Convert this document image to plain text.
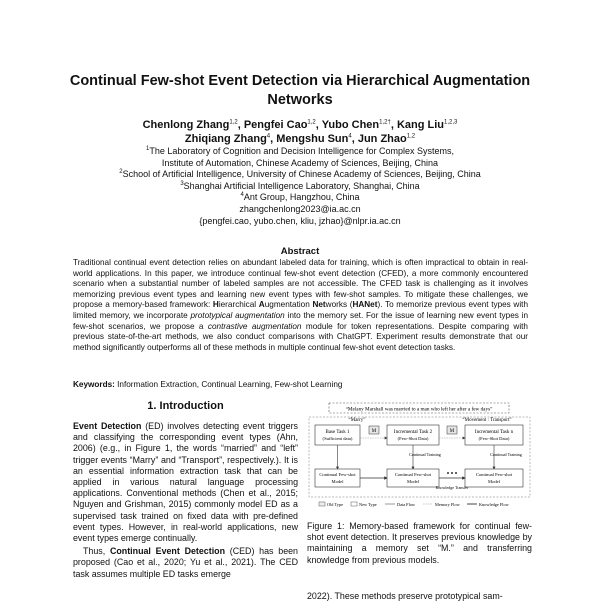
Continual Few-shot Event Detection via Hierarchical Augmentation Networks
Chenlong Zhang$^{1,2}$, Pengfei Cao$^{1,2}$, Yubo Chen$^{1,2\dagger}$, Kang Liu$^{1,2,3}$
Zhiqiang Zhang$^4$, Mengshu Sun$^4$, Jun Zhao$^{1,2}$
$^1$The Laboratory of Cognition and Decision Intelligence for Complex Systems,
Institute of Automation, Chinese Academy of Sciences, Beijing, China
$^2$School of Artificial Intelligence, University of Chinese Academy of Sciences, Beijing, China
$^3$Shanghai Artificial Intelligence Laboratory, Shanghai, China
$^4$Ant Group, Hangzhou, China
zhangchenlong2023@ia.ac.cn
{pengfei.cao, yubo.chen, kliu, jzhao}@nlpr.ia.ac.cn
Abstract
Traditional continual event detection relies on abundant labeled data for training, which is often impractical to obtain in real-world applications. In this paper, we introduce continual few-shot event detection (CFED), a more commonly encountered scenario when a substantial number of labeled samples are not accessible. The CFED task is challenging as it involves memorizing previous event types and learning new event types with few-shot samples. To mitigate these challenges, we propose a memory-based framework: Hierarchical Augmentation Networks (HANet). To memorize previous event types with limited memory, we incorporate prototypical augmentation into the memory set. For the issue of learning new event types in few-shot scenarios, we propose a contrastive augmentation module for token representations. Despite comparing with previous state-of-the-art methods, we also conduct comparisons with ChatGPT. Experiment results demonstrate that our method significantly outperforms all of these methods in multiple continual few-shot event detection tasks.
Keywords: Information Extraction, Continual Learning, Few-shot Learning
1. Introduction

Event Detection (ED) involves detecting event triggers and classifying the corresponding event types (Ahn, 2006) (e.g., in Figure 1, the words “married” and “left” trigger events “Marry” and “Transport”, respectively.). It is an essential information extraction task that can be applied in various natural language processing applications. Conventional methods (Chen et al., 2015; Nguyen and Grishman, 2015) commonly model ED as a supervised task trained on fixed data with pre-defined event types. However, in real-world applications, new event types emerge continually.

Thus, Continual Event Detection (CED) has been proposed (Cao et al., 2020; Yu et al., 2021). The CED task assumes multiple ED tasks emerge

“Melany Marshall was married to a man who left her after a few days”
“Marry”	“Movement : Transport”
Base Task 1
(Sufficient data)
Incremental Task 2
(Few-Shot Data)
Incremental Task n
(Few-Shot Data)
M	M
Continual Training	Continual Training
Continual Few-shot
Model
Continual Few-shot
Model
Continual Few-shot
Model
Knowledge Transfer
Old Type	New Type	Data Flow	Memory Flow	Knowledge Flow
Figure 1: Memory-based framework for continual few-shot event detection. It preserves previous knowledge by maintaining a memory set “M.” and transferring knowledge from previous models.
2022). These methods preserve prototypical sam-
